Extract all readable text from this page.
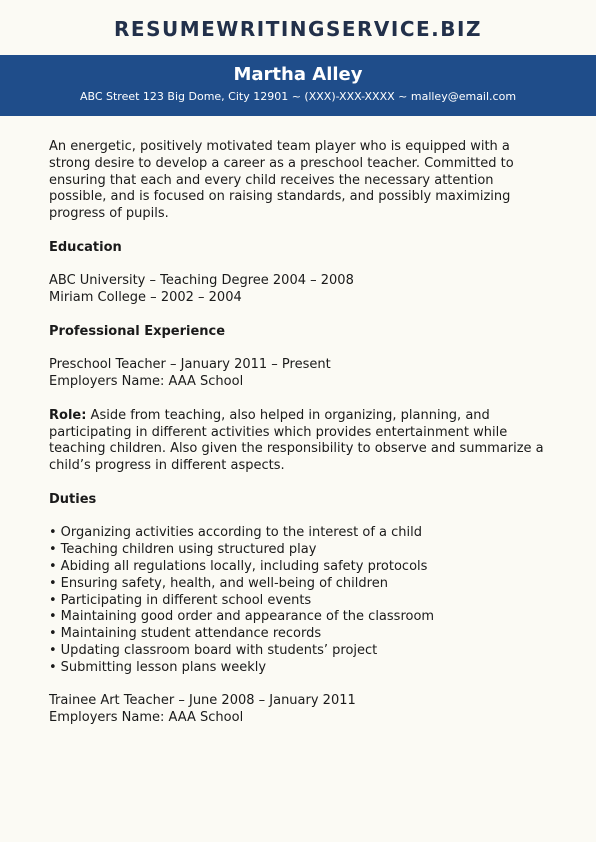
RESUMEWRITINGSERVICE.BIZ
Martha Alley
ABC Street 123 Big Dome, City 12901 ~ (XXX)-XXX-XXXX ~ malley@email.com

An energetic, positively motivated team player who is equipped with a strong desire to develop a career as a preschool teacher. Committed to ensuring that each and every child receives the necessary attention possible, and is focused on raising standards, and possibly maximizing progress of pupils.

Education

ABC University – Teaching Degree 2004 – 2008

Miriam College – 2002 – 2004

Professional Experience

Preschool Teacher – January 2011 – Present

Employers Name: AAA School

Role: Aside from teaching, also helped in organizing, planning, and participating in different activities which provides entertainment while teaching children. Also given the responsibility to observe and summarize a child’s progress in different aspects.

Duties

• Organizing activities according to the interest of a child
• Teaching children using structured play
• Abiding all regulations locally, including safety protocols
• Ensuring safety, health, and well-being of children
• Participating in different school events
• Maintaining good order and appearance of the classroom
• Maintaining student attendance records
• Updating classroom board with students’ project
• Submitting lesson plans weekly

Trainee Art Teacher – June 2008 – January 2011

Employers Name: AAA School
